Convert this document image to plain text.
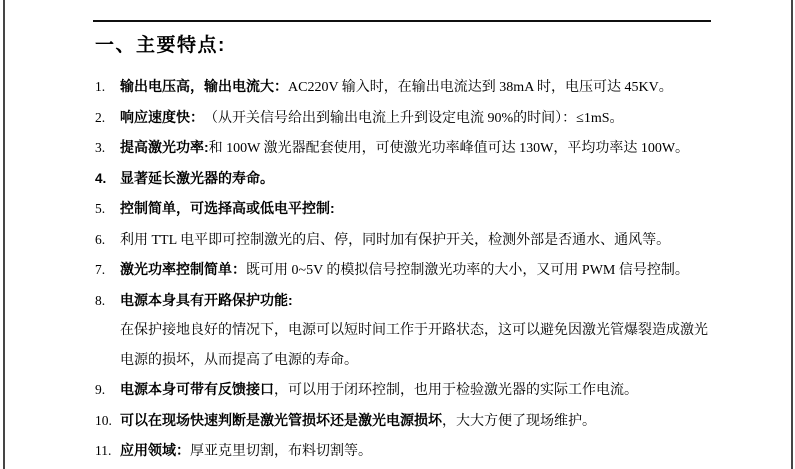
一、主要特点:
1.	输出电压高，输出电流大：AC220V 输入时，在输出电流达到 38mA 时，电压可达 45KV。
2.	响应速度快：　（从开关信号给出到输出电流上升到设定电流 90%的时间）：≤1mS。
3.	提高激光功率:和 100W 激光器配套使用，可使激光功率峰值可达 130W，平均功率达 100W。
4. 显著延长激光器的寿命。
5.	控制简单，可选择高或低电平控制:
6.	利用 TTL 电平即可控制激光的启、停，同时加有保护开关，检测外部是否通水、通风等。
7.	激光功率控制简单：既可用 0~5V 的模拟信号控制激光功率的大小，又可用 PWM 信号控制。
8.	电源本身具有开路保护功能:
在保护接地良好的情况下，电源可以短时间工作于开路状态，这可以避免因激光管爆裂造成激光
电源的损坏，从而提高了电源的寿命。
9.	电源本身可带有反馈接口，可以用于闭环控制，也用于检验激光器的实际工作电流。
10. 可以在现场快速判断是激光管损坏还是激光电源损坏，大大方便了现场维护。
11. 应用领域：厚亚克里切割，布料切割等。
